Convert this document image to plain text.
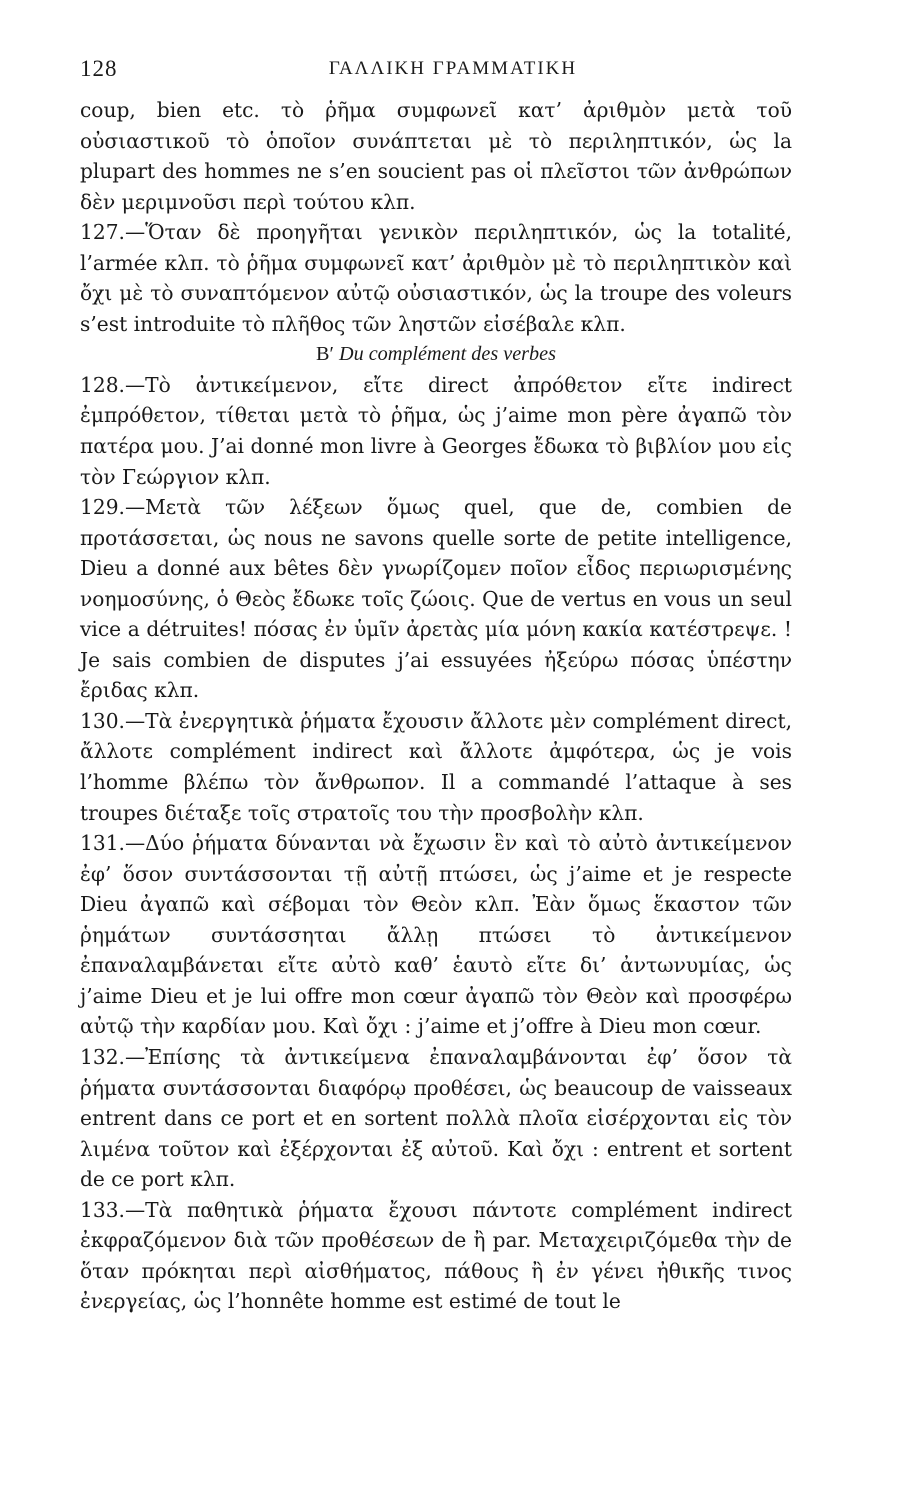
128	ΓΑΛΛΙΚΗ ΓΡΑΜΜΑΤΙΚΗ

coup, bien etc. τὸ ῥῆμα συμφωνεῖ κατ’ ἀριθμὸν μετὰ τοῦ οὐσιαστικοῦ τὸ ὁποῖον συνάπτεται μὲ τὸ περιληπτικόν, ὡς la plupart des hommes ne s’en soucient pas οἱ πλεῖστοι τῶν ἀνθρώπων δὲν μεριμνοῦσι περὶ τούτου κλπ.

127.—Ὅταν δὲ προηγῆται γενικὸν περιληπτικόν, ὡς la totalité, l’armée κλπ. τὸ ῥῆμα συμφωνεῖ κατ’ ἀριθμὸν μὲ τὸ περιληπτικὸν καὶ ὄχι μὲ τὸ συναπτόμενον αὐτῷ οὐσιαστικόν, ὡς la troupe des voleurs s’est introduite τὸ πλῆθος τῶν ληστῶν εἰσέβαλε κλπ.

Β′ Du complément des verbes

128.—Τὸ ἀντικείμενον, εἴτε direct ἀπρόθετον εἴτε indirect ἐμπρόθετον, τίθεται μετὰ τὸ ῥῆμα, ὡς j’aime mon père ἀγαπῶ τὸν πατέρα μου. J’ai donné mon livre à Georges ἔδωκα τὸ βιβλίον μου εἰς τὸν Γεώργιον κλπ.

129.—Μετὰ τῶν λέξεων ὅμως quel, que de, combien de προτάσσεται, ὡς nous ne savons quelle sorte de petite intelligence, Dieu a donné aux bêtes δὲν γνωρίζομεν ποῖον εἶδος περιωρισμένης νοημοσύνης, ὁ Θεὸς ἔδωκε τοῖς ζώοις. Que de vertus en vous un seul vice a détruites! πόσας ἐν ὑμῖν ἀρετὰς μία μόνη κακία κατέστρεψε. ! Je sais combien de disputes j’ai essuyées ἠξεύρω πόσας ὑπέστην ἔριδας κλπ.

130.—Τὰ ἐνεργητικὰ ῥήματα ἔχουσιν ἄλλοτε μὲν complément direct, ἄλλοτε complément indirect καὶ ἄλλοτε ἀμφότερα, ὡς je vois l’homme βλέπω τὸν ἄνθρωπον. Il a commandé l’attaque à ses troupes διέταξε τοῖς στρατοῖς του τὴν προσβολὴν κλπ.

131.—Δύο ῥήματα δύνανται νὰ ἔχωσιν ἓν καὶ τὸ αὐτὸ ἀντικείμενον ἐφ’ ὅσον συντάσσονται τῇ αὐτῇ πτώσει, ὡς j’aime et je respecte Dieu ἀγαπῶ καὶ σέβομαι τὸν Θεὸν κλπ. Ἐὰν ὅμως ἕκαστον τῶν ῥημάτων συντάσσηται ἄλλῃ πτώσει τὸ ἀντικείμενον ἐπαναλαμβάνεται εἴτε αὐτὸ καθ’ ἑαυτὸ εἴτε δι’ ἀντωνυμίας, ὡς j’aime Dieu et je lui offre mon cœur ἀγαπῶ τὸν Θεὸν καὶ προσφέρω αὐτῷ τὴν καρδίαν μου. Καὶ ὄχι : j’aime et j’offre à Dieu mon cœur.

132.—Ἐπίσης τὰ ἀντικείμενα ἐπαναλαμβάνονται ἐφ’ ὅσον τὰ ῥήματα συντάσσονται διαφόρῳ προθέσει, ὡς beaucoup de vaisseaux entrent dans ce port et en sortent πολλὰ πλοῖα εἰσέρχονται εἰς τὸν λιμένα τοῦτον καὶ ἐξέρχονται ἐξ αὐτοῦ. Καὶ ὄχι : entrent et sortent de ce port κλπ.

133.—Τὰ παθητικὰ ῥήματα ἔχουσι πάντοτε complément indirect ἐκφραζόμενον διὰ τῶν προθέσεων de ἢ par. Μεταχειριζόμεθα τὴν de ὅταν πρόκηται περὶ αἰσθήματος, πάθους ἢ ἐν γένει ἠθικῆς τινος ἐνεργείας, ὡς l’honnête homme est estimé de tout le
